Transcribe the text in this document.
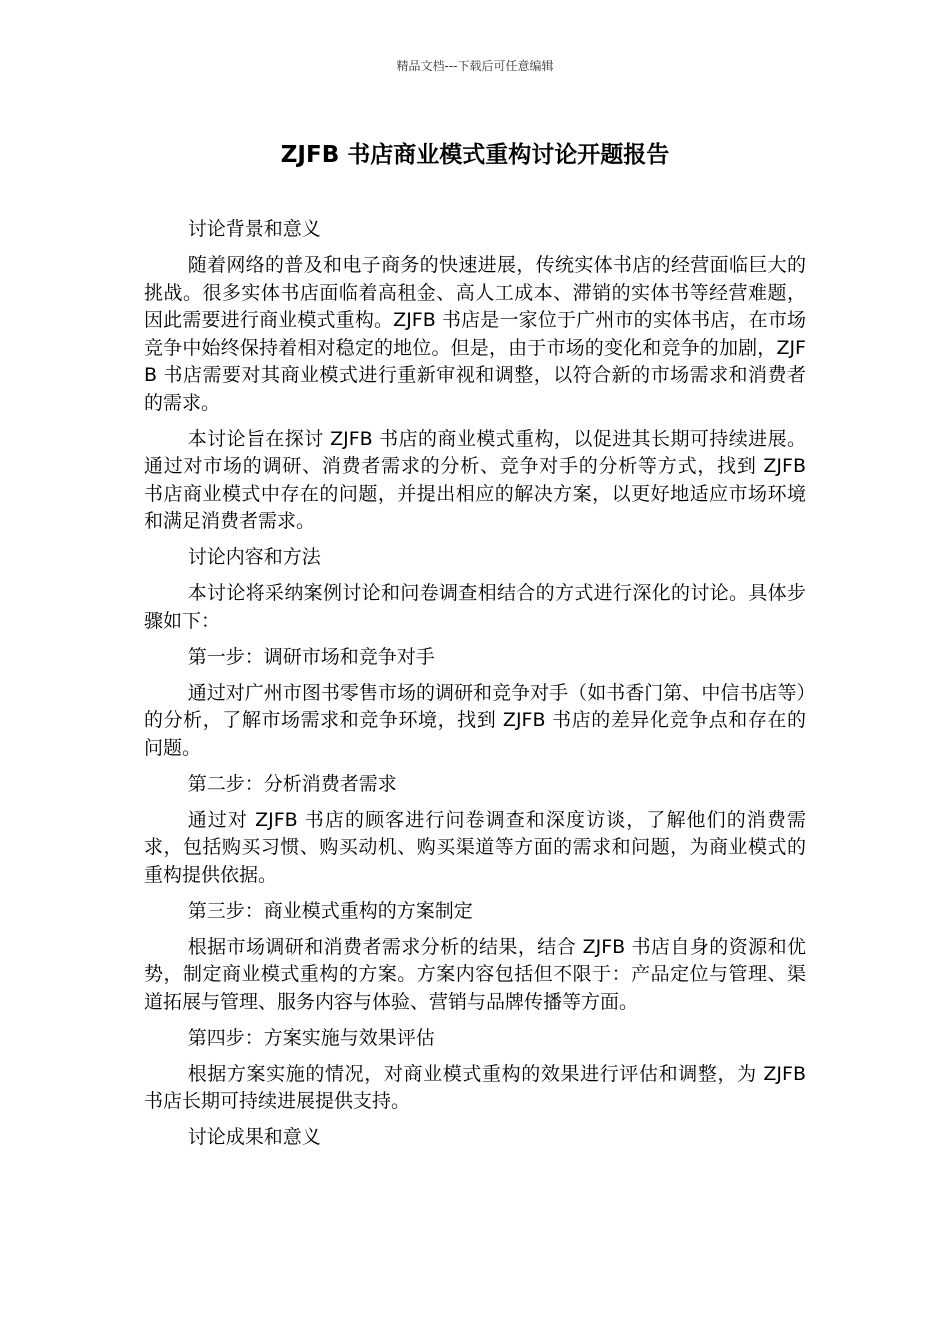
精品文档---下载后可任意编辑
ZJFB 书店商业模式重构讨论开题报告

讨论背景和意义

随着网络的普及和电子商务的快速进展，传统实体书店的经营面临巨大的挑战。很多实体书店面临着高租金、高人工成本、滞销的实体书等经营难题，因此需要进行商业模式重构。ZJFB 书店是一家位于广州市的实体书店，在市场竞争中始终保持着相对稳定的地位。但是，由于市场的变化和竞争的加剧，ZJFB 书店需要对其商业模式进行重新审视和调整，以符合新的市场需求和消费者的需求。

本讨论旨在探讨 ZJFB 书店的商业模式重构，以促进其长期可持续进展。通过对市场的调研、消费者需求的分析、竞争对手的分析等方式，找到 ZJFB 书店商业模式中存在的问题，并提出相应的解决方案，以更好地适应市场环境和满足消费者需求。

讨论内容和方法

本讨论将采纳案例讨论和问卷调查相结合的方式进行深化的讨论。具体步骤如下：

第一步：调研市场和竞争对手

通过对广州市图书零售市场的调研和竞争对手（如书香门第、中信书店等）的分析，了解市场需求和竞争环境，找到 ZJFB 书店的差异化竞争点和存在的问题。

第二步：分析消费者需求

通过对 ZJFB 书店的顾客进行问卷调查和深度访谈，了解他们的消费需求，包括购买习惯、购买动机、购买渠道等方面的需求和问题，为商业模式的重构提供依据。

第三步：商业模式重构的方案制定

根据市场调研和消费者需求分析的结果，结合 ZJFB 书店自身的资源和优势，制定商业模式重构的方案。方案内容包括但不限于：产品定位与管理、渠道拓展与管理、服务内容与体验、营销与品牌传播等方面。

第四步：方案实施与效果评估

根据方案实施的情况，对商业模式重构的效果进行评估和调整，为 ZJFB 书店长期可持续进展提供支持。

讨论成果和意义
